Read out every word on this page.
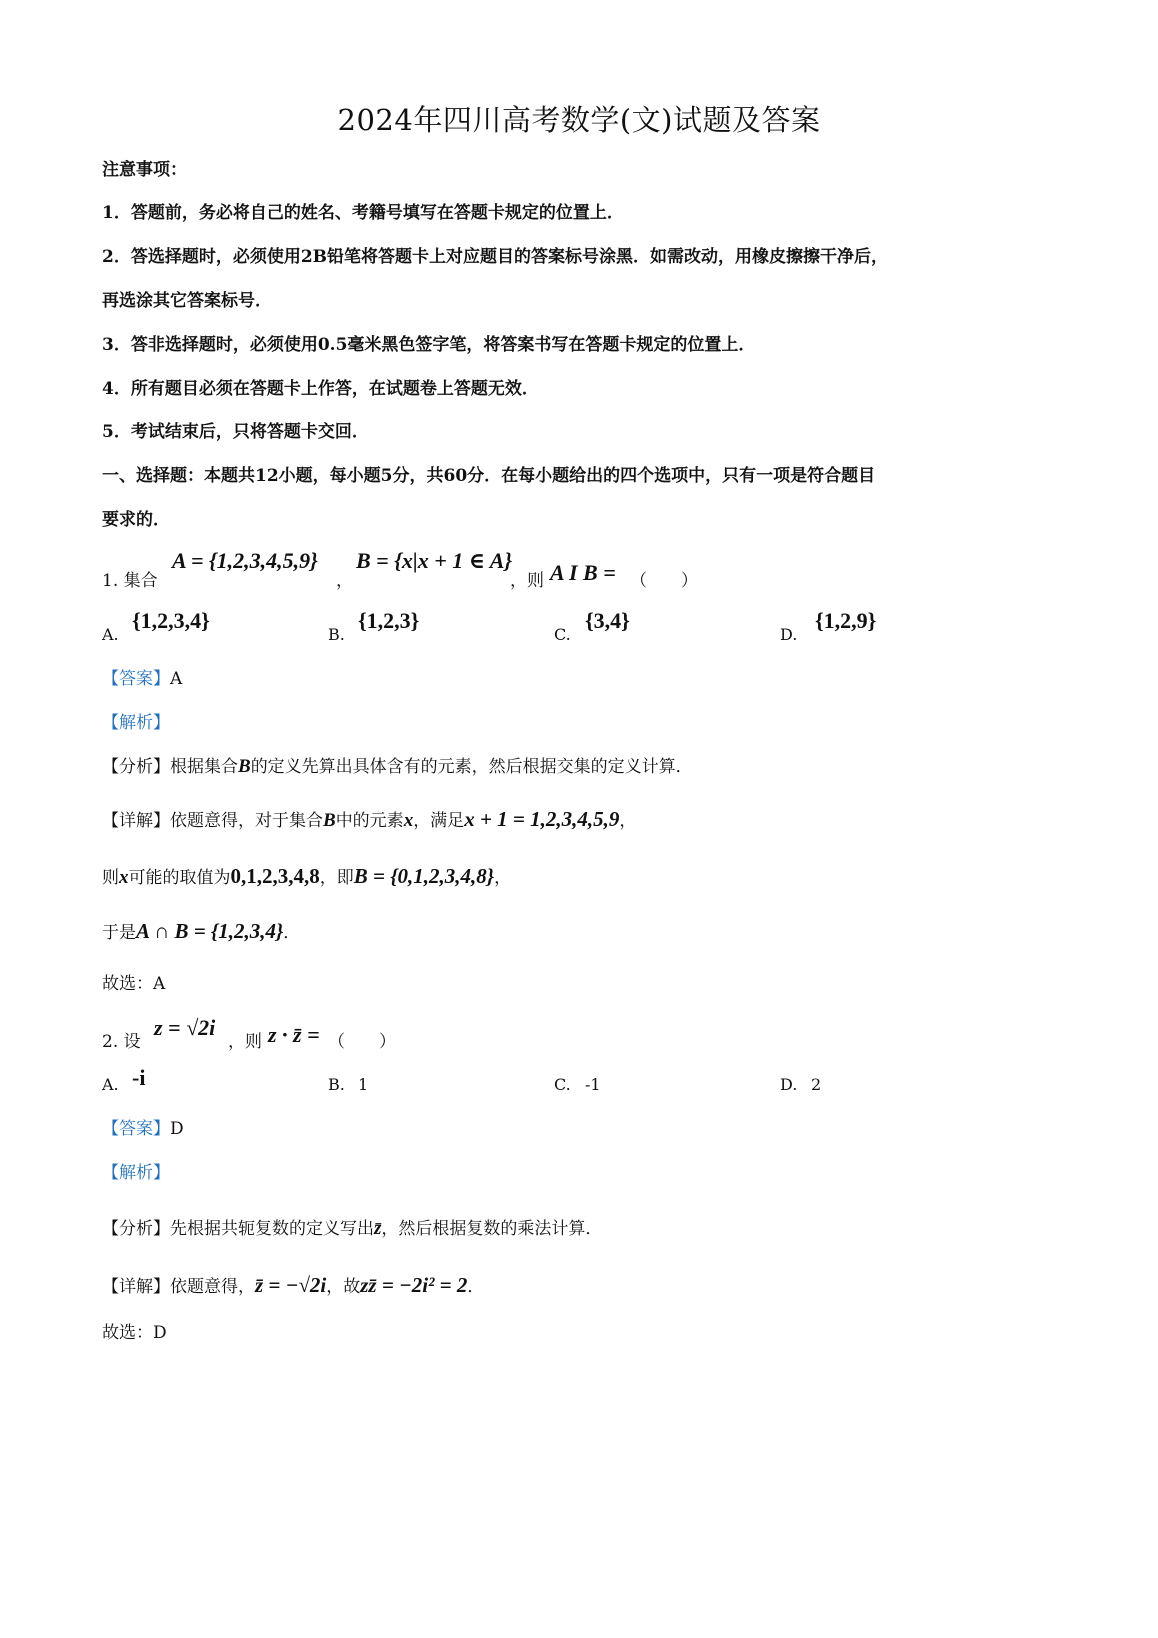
2024年四川高考数学(文)试题及答案
注意事项：
1．答题前，务必将自己的姓名、考籍号填写在答题卡规定的位置上．
2．答选择题时，必须使用2B铅笔将答题卡上对应题目的答案标号涂黑．如需改动，用橡皮擦擦干净后，
再选涂其它答案标号．
3．答非选择题时，必须使用0.5毫米黑色签字笔，将答案书写在答题卡规定的位置上．
4．所有题目必须在答题卡上作答，在试题卷上答题无效．
5．考试结束后，只将答题卡交回．
一、选择题：本题共12小题，每小题5分，共60分．在每小题给出的四个选项中，只有一项是符合题目
要求的．
1. 集合
A = {1,2,3,4,5,9}
，
B = {x|x + 1 ∈ A}
，则 A I B = （　　）
A.
{1,2,3,4}
B.
{1,2,3}
C.
{3,4}
D.
{1,2,9}
【答案】A
【解析】
【分析】根据集合B的定义先算出具体含有的元素，然后根据交集的定义计算．
【详解】依题意得，对于集合B中的元素x，满足x + 1 = 1,2,3,4,5,9，
则x可能的取值为0,1,2,3,4,8，即B = {0,1,2,3,4,8}，
于是A ∩ B = {1,2,3,4}．
故选：A
2. 设
z = √2i
，则 z · z̄ = （　　）
A. -i	B. 1	C. -1	D. 2
【答案】D
【解析】
【分析】先根据共轭复数的定义写出z̄，然后根据复数的乘法计算．
【详解】依题意得，z̄ = −√2i，故zz̄ = −2i² = 2．
故选：D
